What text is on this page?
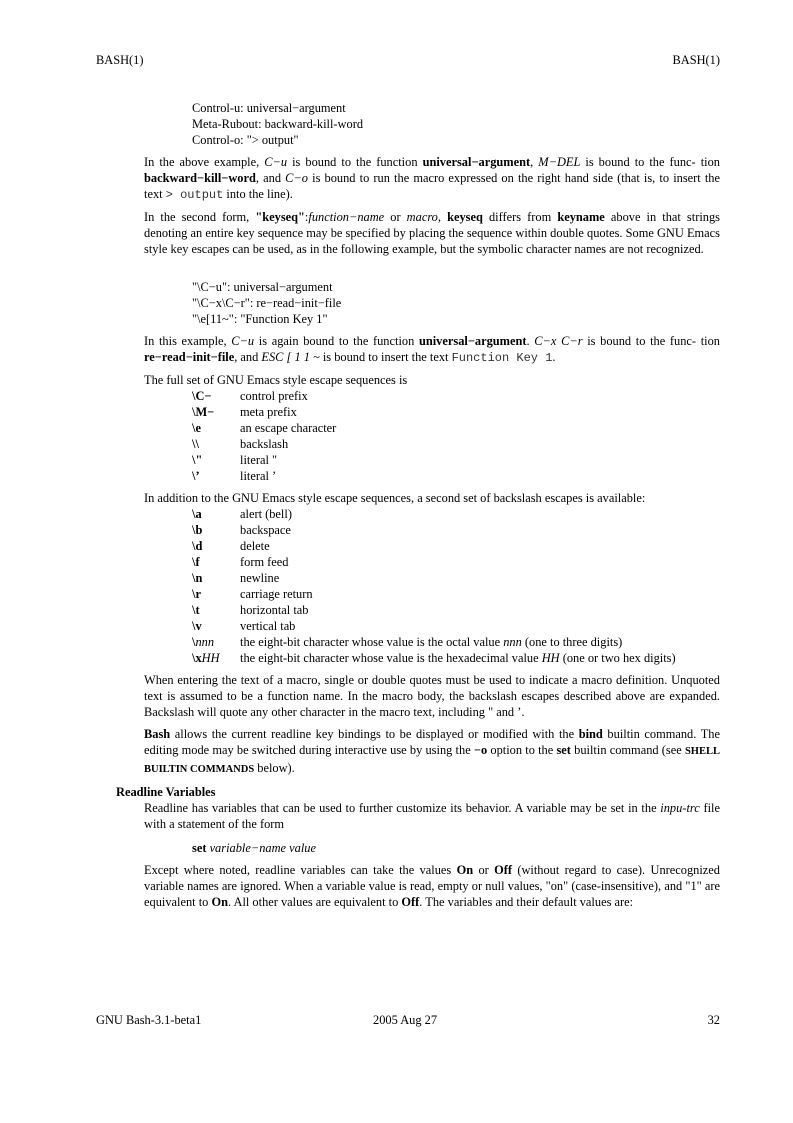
BASH(1)	BASH(1)
Control-u: universal−argument
Meta-Rubout: backward-kill-word
Control-o: "> output"
In the above example, C−u is bound to the function universal−argument, M−DEL is bound to the func- tion backward−kill−word, and C−o is bound to run the macro expressed on the right hand side (that is, to insert the text > output into the line).
In the second form, "keyseq":function−name or macro, keyseq differs from keyname above in that strings denoting an entire key sequence may be specified by placing the sequence within double quotes. Some GNU Emacs style key escapes can be used, as in the following example, but the symbolic character names are not recognized.
"\C−u": universal−argument
"\C−x\C−r": re−read−init−file
"\e[11~": "Function Key 1"
In this example, C−u is again bound to the function universal−argument. C−x C−r is bound to the func- tion re−read−init−file, and ESC [ 1 1 ~ is bound to insert the text Function Key 1.
The full set of GNU Emacs style escape sequences is
\C−	control prefix
\M−	meta prefix
\e	an escape character
\\	backslash
\"	literal "
\’	literal ’
In addition to the GNU Emacs style escape sequences, a second set of backslash escapes is available:
\a	alert (bell)
\b	backspace
\d	delete
\f	form feed
\n	newline
\r	carriage return
\t	horizontal tab
\v	vertical tab
\nnn	the eight-bit character whose value is the octal value nnn (one to three digits)
\xHH	the eight-bit character whose value is the hexadecimal value HH (one or two hex digits)
When entering the text of a macro, single or double quotes must be used to indicate a macro definition. Unquoted text is assumed to be a function name. In the macro body, the backslash escapes described above are expanded. Backslash will quote any other character in the macro text, including " and ’.
Bash allows the current readline key bindings to be displayed or modified with the bind builtin command. The editing mode may be switched during interactive use by using the −o option to the set builtin command (see SHELL BUILTIN COMMANDS below).
Readline Variables
Readline has variables that can be used to further customize its behavior. A variable may be set in the inpu-trc file with a statement of the form
set variable−name value
Except where noted, readline variables can take the values On or Off (without regard to case). Unrecognized variable names are ignored. When a variable value is read, empty or null values, "on" (case-insensitive), and "1" are equivalent to On. All other values are equivalent to Off. The variables and their default values are:
GNU Bash-3.1-beta1	2005 Aug 27	32
